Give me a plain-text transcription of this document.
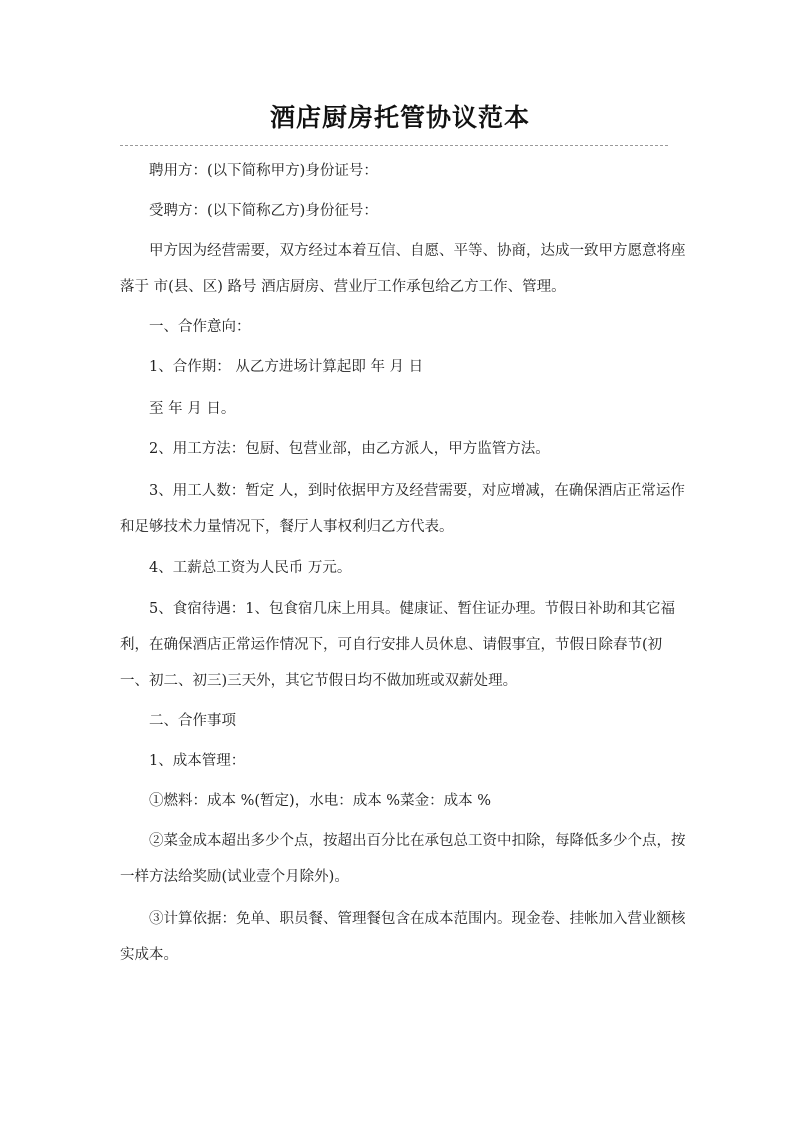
酒店厨房托管协议范本

聘用方：(以下简称甲方)身份证号：

受聘方：(以下简称乙方)身份征号：

甲方因为经营需要，双方经过本着互信、自愿、平等、协商，达成一致甲方愿意将座落于 市(县、区) 路号 酒店厨房、营业厅工作承包给乙方工作、管理。

一、合作意向：

1、合作期： 从乙方进场计算起即 年 月 日

至 年 月 日。

2、用工方法：包厨、包营业部，由乙方派人，甲方监管方法。

3、用工人数：暂定 人，到时依据甲方及经营需要，对应增减，在确保酒店正常运作和足够技术力量情况下，餐厅人事权利归乙方代表。

4、工薪总工资为人民币 万元。

5、食宿待遇：1、包食宿几床上用具。健康证、暂住证办理。节假日补助和其它福利，在确保酒店正常运作情况下，可自行安排人员休息、请假事宜，节假日除春节(初一、初二、初三)三天外，其它节假日均不做加班或双薪处理。

二、合作事项

1、成本管理：

①燃料：成本 %(暂定)，水电：成本 %菜金：成本 %

②菜金成本超出多少个点，按超出百分比在承包总工资中扣除，每降低多少个点，按一样方法给奖励(试业壹个月除外)。

③计算依据：免单、职员餐、管理餐包含在成本范围内。现金卷、挂帐加入营业额核实成本。
